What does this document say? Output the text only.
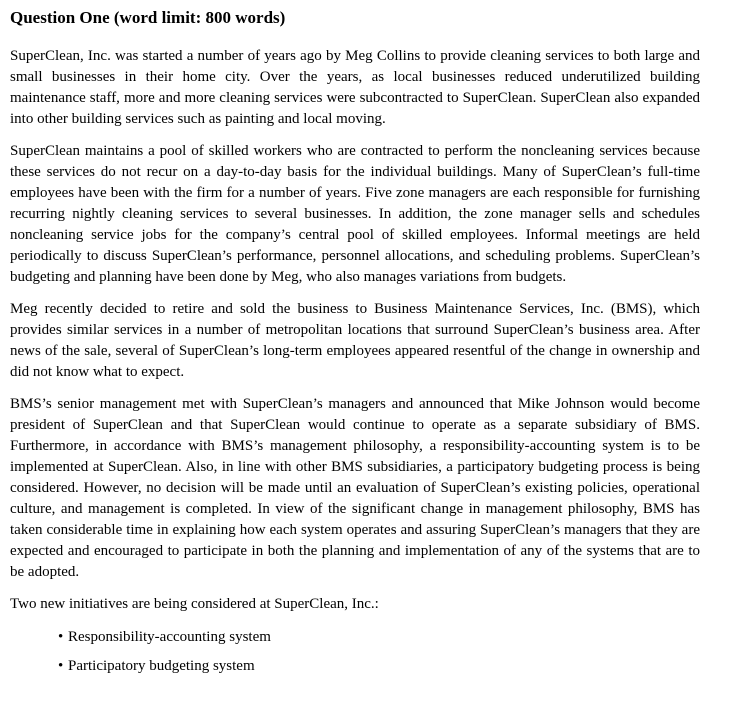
Question One (word limit: 800 words)

SuperClean, Inc. was started a number of years ago by Meg Collins to provide cleaning services to both large and small businesses in their home city. Over the years, as local businesses reduced underutilized building maintenance staff, more and more cleaning services were subcontracted to SuperClean. SuperClean also expanded into other building services such as painting and local moving.

SuperClean maintains a pool of skilled workers who are contracted to perform the noncleaning services because these services do not recur on a day-to-day basis for the individual buildings. Many of SuperClean’s full-time employees have been with the firm for a number of years. Five zone managers are each responsible for furnishing recurring nightly cleaning services to several businesses. In addition, the zone manager sells and schedules noncleaning service jobs for the company’s central pool of skilled employees. Informal meetings are held periodically to discuss SuperClean’s performance, personnel allocations, and scheduling problems. SuperClean’s budgeting and planning have been done by Meg, who also manages variations from budgets.

Meg recently decided to retire and sold the business to Business Maintenance Services, Inc. (BMS), which provides similar services in a number of metropolitan locations that surround SuperClean’s business area. After news of the sale, several of SuperClean’s long-term employees appeared resentful of the change in ownership and did not know what to expect.

BMS’s senior management met with SuperClean’s managers and announced that Mike Johnson would become president of SuperClean and that SuperClean would continue to operate as a separate subsidiary of BMS. Furthermore, in accordance with BMS’s management philosophy, a responsibility-accounting system is to be implemented at SuperClean. Also, in line with other BMS subsidiaries, a participatory budgeting process is being considered. However, no decision will be made until an evaluation of SuperClean’s existing policies, operational culture, and management is completed. In view of the significant change in management philosophy, BMS has taken considerable time in explaining how each system operates and assuring SuperClean’s managers that they are expected and encouraged to participate in both the planning and implementation of any of the systems that are to be adopted.

Two new initiatives are being considered at SuperClean, Inc.:

• Responsibility-accounting system
• Participatory budgeting system
